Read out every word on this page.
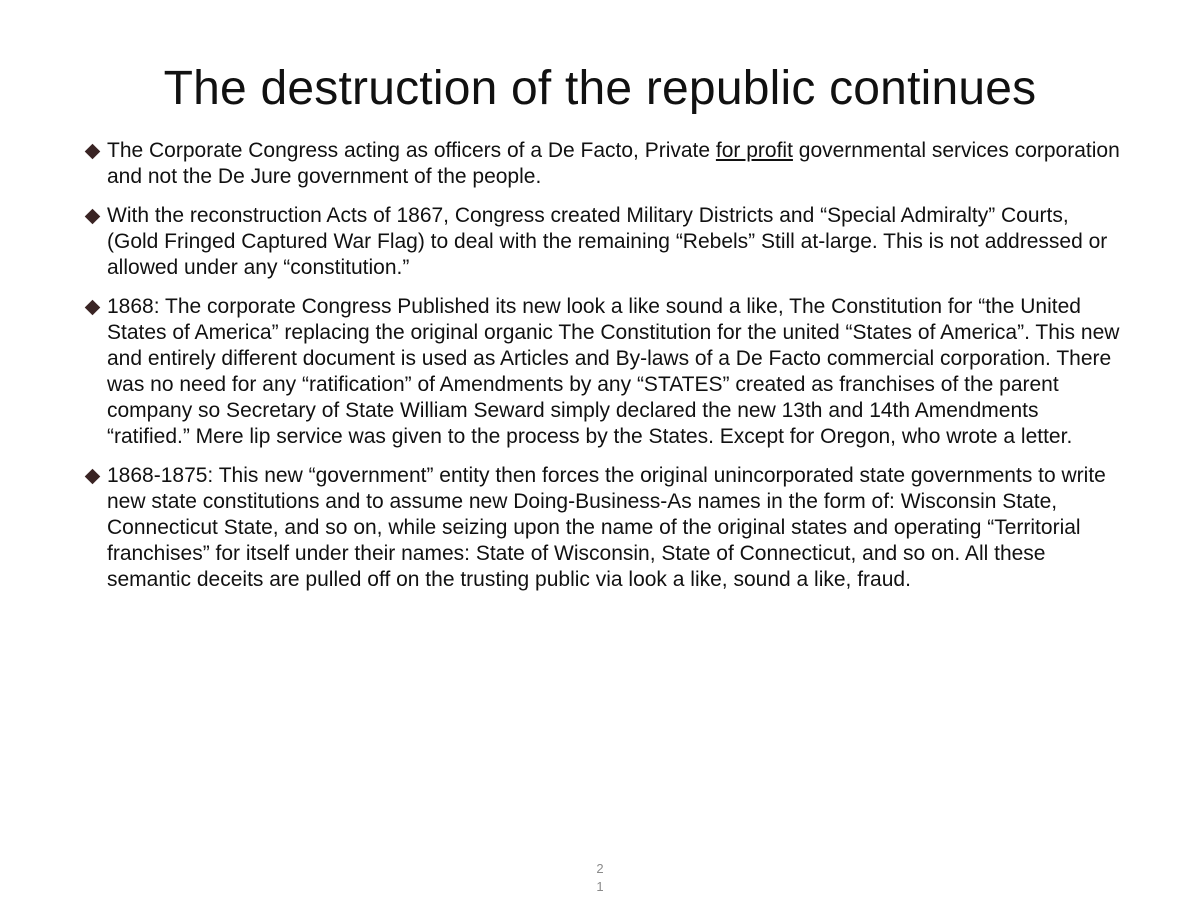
The destruction of the republic continues
The Corporate Congress acting as officers of a De Facto, Private for profit governmental services corporation and not the De Jure government of the people.
With the reconstruction Acts of 1867, Congress created Military Districts and “Special Admiralty” Courts, (Gold Fringed Captured War Flag) to deal with the remaining “Rebels” Still at-large. This is not addressed or allowed under any “constitution.”
1868: The corporate Congress Published its new look a like sound a like, The Constitution for “the United States of America” replacing the original organic The Constitution for the united “States of America”. This new and entirely different document is used as Articles and By-laws of a De Facto commercial corporation. There was no need for any “ratification” of Amendments by any “STATES” created as franchises of the parent company so Secretary of State William Seward simply declared the new 13th and 14th Amendments “ratified.” Mere lip service was given to the process by the States. Except for Oregon, who wrote a letter.
1868-1875: This new “government” entity then forces the original unincorporated state governments to write new state constitutions and to assume new Doing-Business-As names in the form of: Wisconsin State, Connecticut State, and so on, while seizing upon the name of the original states and operating “Territorial franchises” for itself under their names: State of Wisconsin, State of Connecticut, and so on. All these semantic deceits are pulled off on the trusting public via look a like, sound a like, fraud.
2
1
